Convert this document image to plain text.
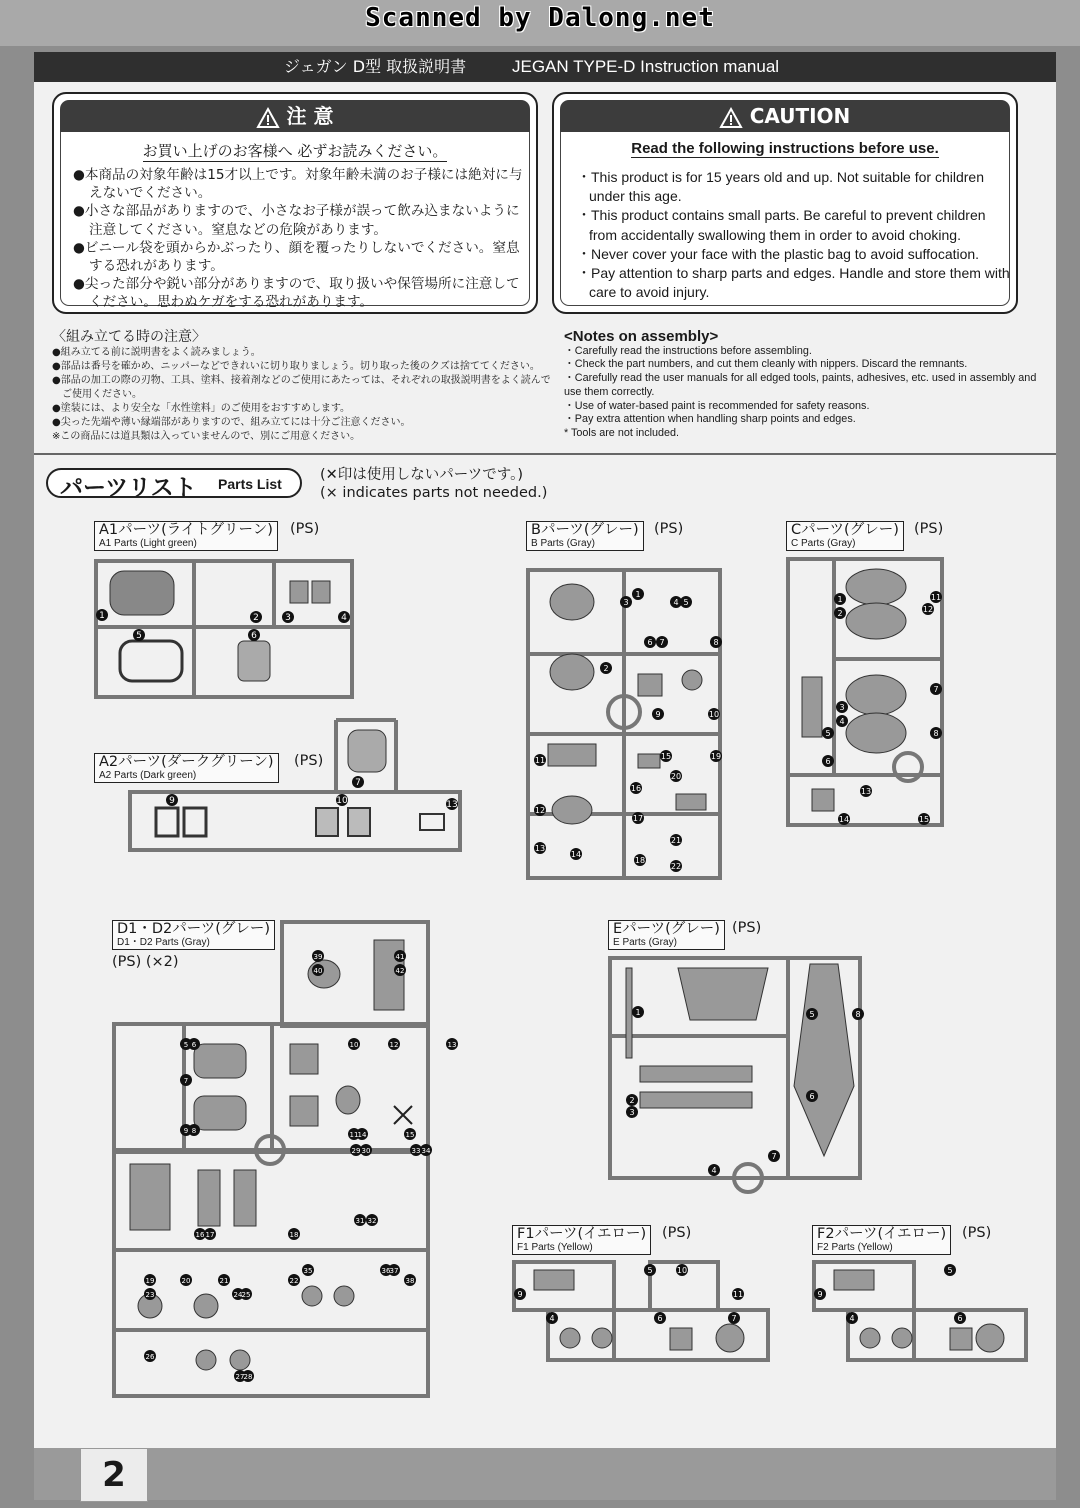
Scanned by Dalong.net
ジェガン D型 取扱説明書	JEGAN TYPE-D Instruction manual
注 意
お買い上げのお客様へ 必ずお読みください。

●本商品の対象年齢は15才以上です。対象年齢未満のお子様には絶対に与えないでください。

●小さな部品がありますので、小さなお子様が誤って飲み込まないように注意してください。窒息などの危険があります。

●ビニール袋を頭からかぶったり、顔を覆ったりしないでください。窒息する恐れがあります。

●尖った部分や鋭い部分がありますので、取り扱いや保管場所に注意してください。思わぬケガをする恐れがあります。

CAUTION
Read the following instructions before use.

・This product is for 15 years old and up. Not suitable for children under this age.

・This product contains small parts. Be careful to prevent children from accidentally swallowing them in order to avoid choking.

・Never cover your face with the plastic bag to avoid suffocation.

・Pay attention to sharp parts and edges. Handle and store them with care to avoid injury.

〈組み立てる時の注意〉
●組み立てる前に説明書をよく読みましょう。
●部品は番号を確かめ、ニッパーなどできれいに切り取りましょう。切り取った後のクズは捨ててください。
●部品の加工の際の刃物、工具、塗料、接着剤などのご使用にあたっては、それぞれの取扱説明書をよく読んでご使用ください。
●塗装には、より安全な「水性塗料」のご使用をおすすめします。
●尖った先端や薄い縁端部がありますので、組み立てには十分ご注意ください。
※この商品には道具類は入っていませんので、別にご用意ください。
<Notes on assembly>
・Carefully read the instructions before assembling.
・Check the part numbers, and cut them cleanly with nippers. Discard the remnants.
・Carefully read the user manuals for all edged tools, paints, adhesives, etc. used in assembly and use them correctly.
・Use of water-based paint is recommended for safety reasons.
・Pay extra attention when handling sharp points and edges.
* Tools are not included.
パーツリスト Parts List
(✕印は使用しないパーツです。)
(× indicates parts not needed.)
A1パーツ(ライトグリーン)
A1 Parts (Light green)
(PS)
A2パーツ(ダークグリーン)
A2 Parts (Dark green)
(PS)
Bパーツ(グレー)
B Parts (Gray)
(PS)	Cパーツ(グレー)
C Parts (Gray)
(PS)
D1・D2パーツ(グレー)
D1・D2 Parts (Gray)
(PS) (×2)
Eパーツ(グレー)
E Parts (Gray)
(PS)
F1パーツ(イエロー)
F1 Parts (Yellow)
(PS)	F2パーツ(イエロー)
F2 Parts (Yellow)
(PS)
1	2	3	4
5	6
7
9	10	13
1
2
3	4 5
6 7	8
9	10
11
12
13
14
15
16
17
18
19
20
21
22
1
2
3
4
5
6
7
8
11
12
13
14	15
5 6
7
8
9
10
11
12	13
14	15
16 17	18
19	20	21	22
23	24 25
26
27 28
29 30
31 32
33 34
35	36 37
38
39
40
41
42
1
2
3
4
5
6
7
8
4
5
6	7
9
10
11
4
5
6
9
2
